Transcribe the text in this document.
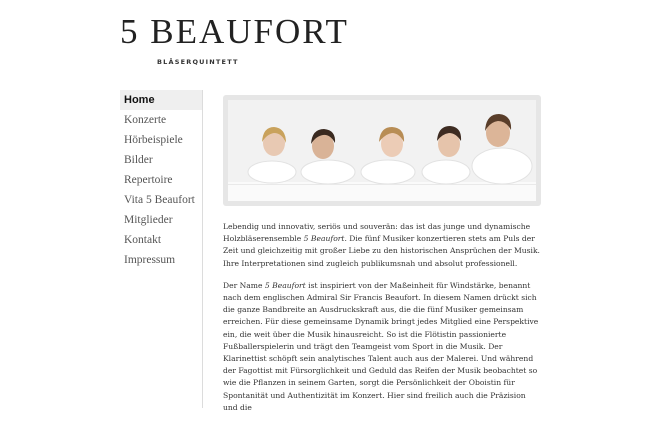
5 BEAUFORT
BLÄSERQUINTETT
Home
Konzerte
Hörbeispiele
Bilder
Repertoire
Vita 5 Beaufort
Mitglieder
Kontakt
Impressum

Lebendig und innovativ, seriös und souverän: das ist das junge und dynamische Holzbläserensemble 5 Beaufort. Die fünf Musiker konzertieren stets am Puls der Zeit und gleichzeitig mit großer Liebe zu den historischen Ansprüchen der Musik. Ihre Interpretationen sind zugleich publikumsnah und absolut professionell.

Der Name 5 Beaufort ist inspiriert von der Maßeinheit für Windstärke, benannt nach dem englischen Admiral Sir Francis Beaufort. In diesem Namen drückt sich die ganze Bandbreite an Ausdruckskraft aus, die die fünf Musiker gemeinsam erreichen. Für diese gemeinsame Dynamik bringt jedes Mitglied eine Perspektive ein, die weit über die Musik hinausreicht. So ist die Flötistin passionierte Fußballerspielerin und trägt den Teamgeist vom Sport in die Musik. Der Klarinettist schöpft sein analytisches Talent auch aus der Malerei. Und während der Fagottist mit Fürsorglichkeit und Geduld das Reifen der Musik beobachtet so wie die Pflanzen in seinem Garten, sorgt die Persönlichkeit der Oboistin für Spontanität und Authentizität im Konzert. Hier sind freilich auch die Präzision und die
